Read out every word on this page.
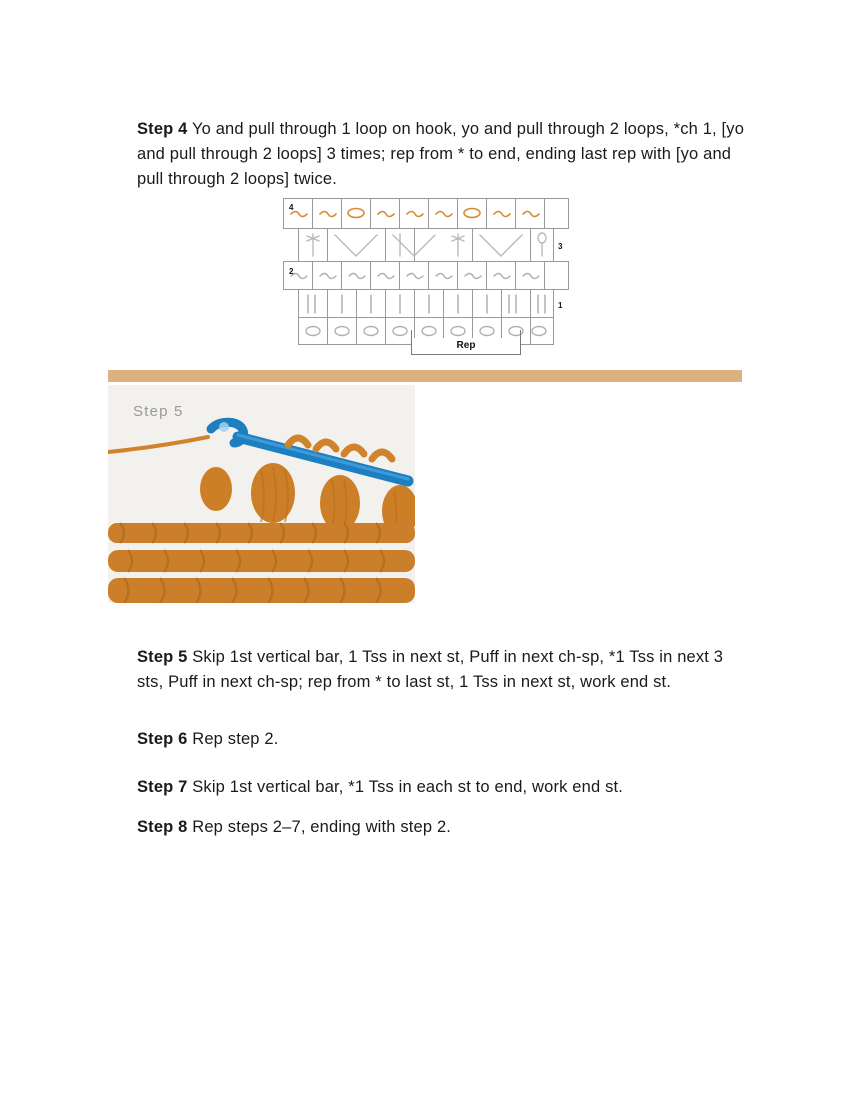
Step 4 Yo and pull through 1 loop on hook, yo and pull through 2 loops, *ch 1, [yo and pull through 2 loops] 3 times; rep from * to end, ending last rep with [yo and pull through 2 loops] twice.

4
2
3
1
Rep
Step 5

Step 5 Skip 1st vertical bar, 1 Tss in next st, Puff in next ch-sp, *1 Tss in next 3 sts, Puff in next ch-sp; rep from * to last st, 1 Tss in next st, work end st.

Step 6 Rep step 2.

Step 7 Skip 1st vertical bar, *1 Tss in each st to end, work end st.

Step 8 Rep steps 2–7, ending with step 2.
